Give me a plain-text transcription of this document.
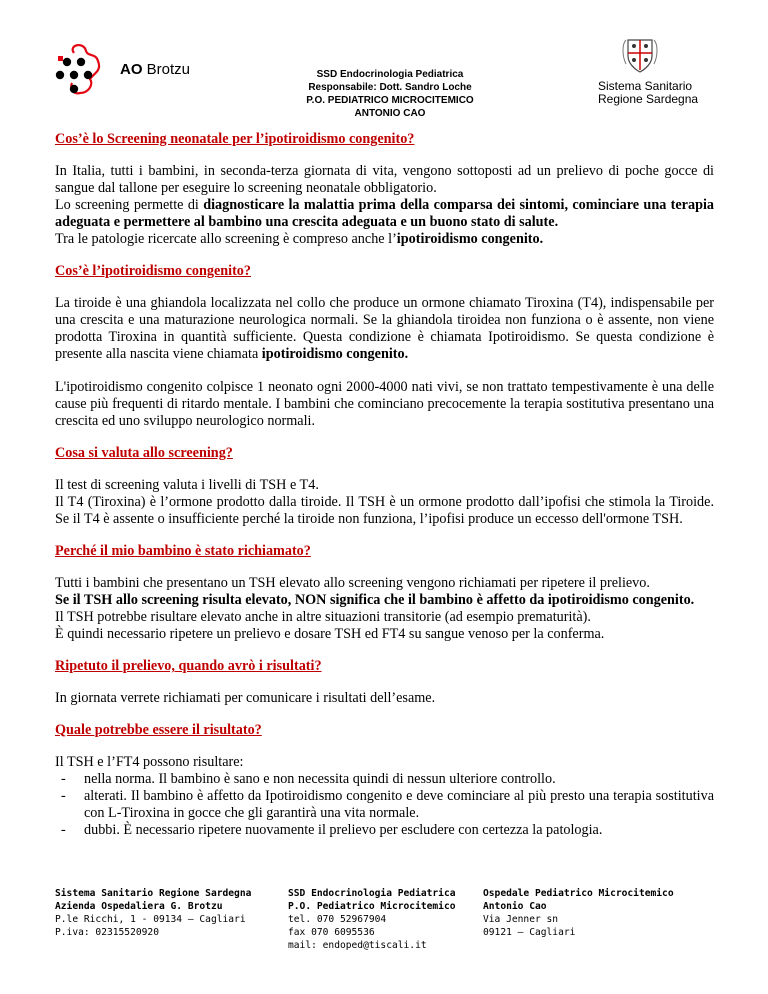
AO Brotzu	SSD Endocrinologia Pediatrica
Responsabile: Dott. Sandro Loche
P.O. PEDIATRICO MICROCITEMICO
ANTONIO CAO
Sistema Sanitario
Regione Sardegna
Cos’è lo Screening neonatale per l’ipotiroidismo congenito?

In Italia, tutti i bambini, in seconda-terza giornata di vita, vengono sottoposti ad un prelievo di poche gocce di sangue dal tallone per eseguire lo screening neonatale obbligatorio.

Lo screening permette di diagnosticare la malattia prima della comparsa dei sintomi, cominciare una terapia adeguata e permettere al bambino una crescita adeguata e un buono stato di salute.

Tra le patologie ricercate allo screening è compreso anche l’ipotiroidismo congenito.

Cos’è l’ipotiroidismo congenito?

La tiroide è una ghiandola localizzata nel collo che produce un ormone chiamato Tiroxina (T4), indispensabile per una crescita e una maturazione neurologica normali. Se la ghiandola tiroidea non funziona o è assente, non viene prodotta Tiroxina in quantità sufficiente. Questa condizione è chiamata Ipotiroidismo. Se questa condizione è presente alla nascita viene chiamata ipotiroidismo congenito.

L'ipotiroidismo congenito colpisce 1 neonato ogni 2000-4000 nati vivi, se non trattato tempestivamente è una delle cause più frequenti di ritardo mentale. I bambini che cominciano precocemente la terapia sostitutiva presentano una crescita ed uno sviluppo neurologico normali.

Cosa si valuta allo screening?

Il test di screening valuta i livelli di TSH e T4.

Il T4 (Tiroxina) è l’ormone prodotto dalla tiroide. Il TSH è un ormone prodotto dall’ipofisi che stimola la Tiroide. Se il T4 è assente o insufficiente perché la tiroide non funziona, l’ipofisi produce un eccesso dell'ormone TSH.

Perché il mio bambino è stato richiamato?

Tutti i bambini che presentano un TSH elevato allo screening vengono richiamati per ripetere il prelievo.

Se il TSH allo screening risulta elevato, NON significa che il bambino è affetto da ipotiroidismo congenito.

Il TSH potrebbe risultare elevato anche in altre situazioni transitorie (ad esempio prematurità).

È quindi necessario ripetere un prelievo e dosare TSH ed FT4 su sangue venoso per la conferma.

Ripetuto il prelievo, quando avrò i risultati?

In giornata verrete richiamati per comunicare i risultati dell’esame.

Quale potrebbe essere il risultato?

Il TSH e l’FT4 possono risultare:

- nella norma. Il bambino è sano e non necessita quindi di nessun ulteriore controllo.
- alterati. Il bambino è affetto da Ipotiroidismo congenito e deve cominciare al più presto una terapia sostitutiva con L-Tiroxina in gocce che gli garantirà una vita normale.
- dubbi. È necessario ripetere nuovamente il prelievo per escludere con certezza la patologia.
Sistema Sanitario Regione Sardegna
Azienda Ospedaliera G. Brotzu
P.le Ricchi, 1 - 09134 – Cagliari
P.iva: 02315520920
SSD Endocrinologia Pediatrica
P.O. Pediatrico Microcitemico
tel. 070 52967904
fax 070 6095536
mail: endoped@tiscali.it
Ospedale Pediatrico Microcitemico
Antonio Cao
Via Jenner sn
09121 – Cagliari
